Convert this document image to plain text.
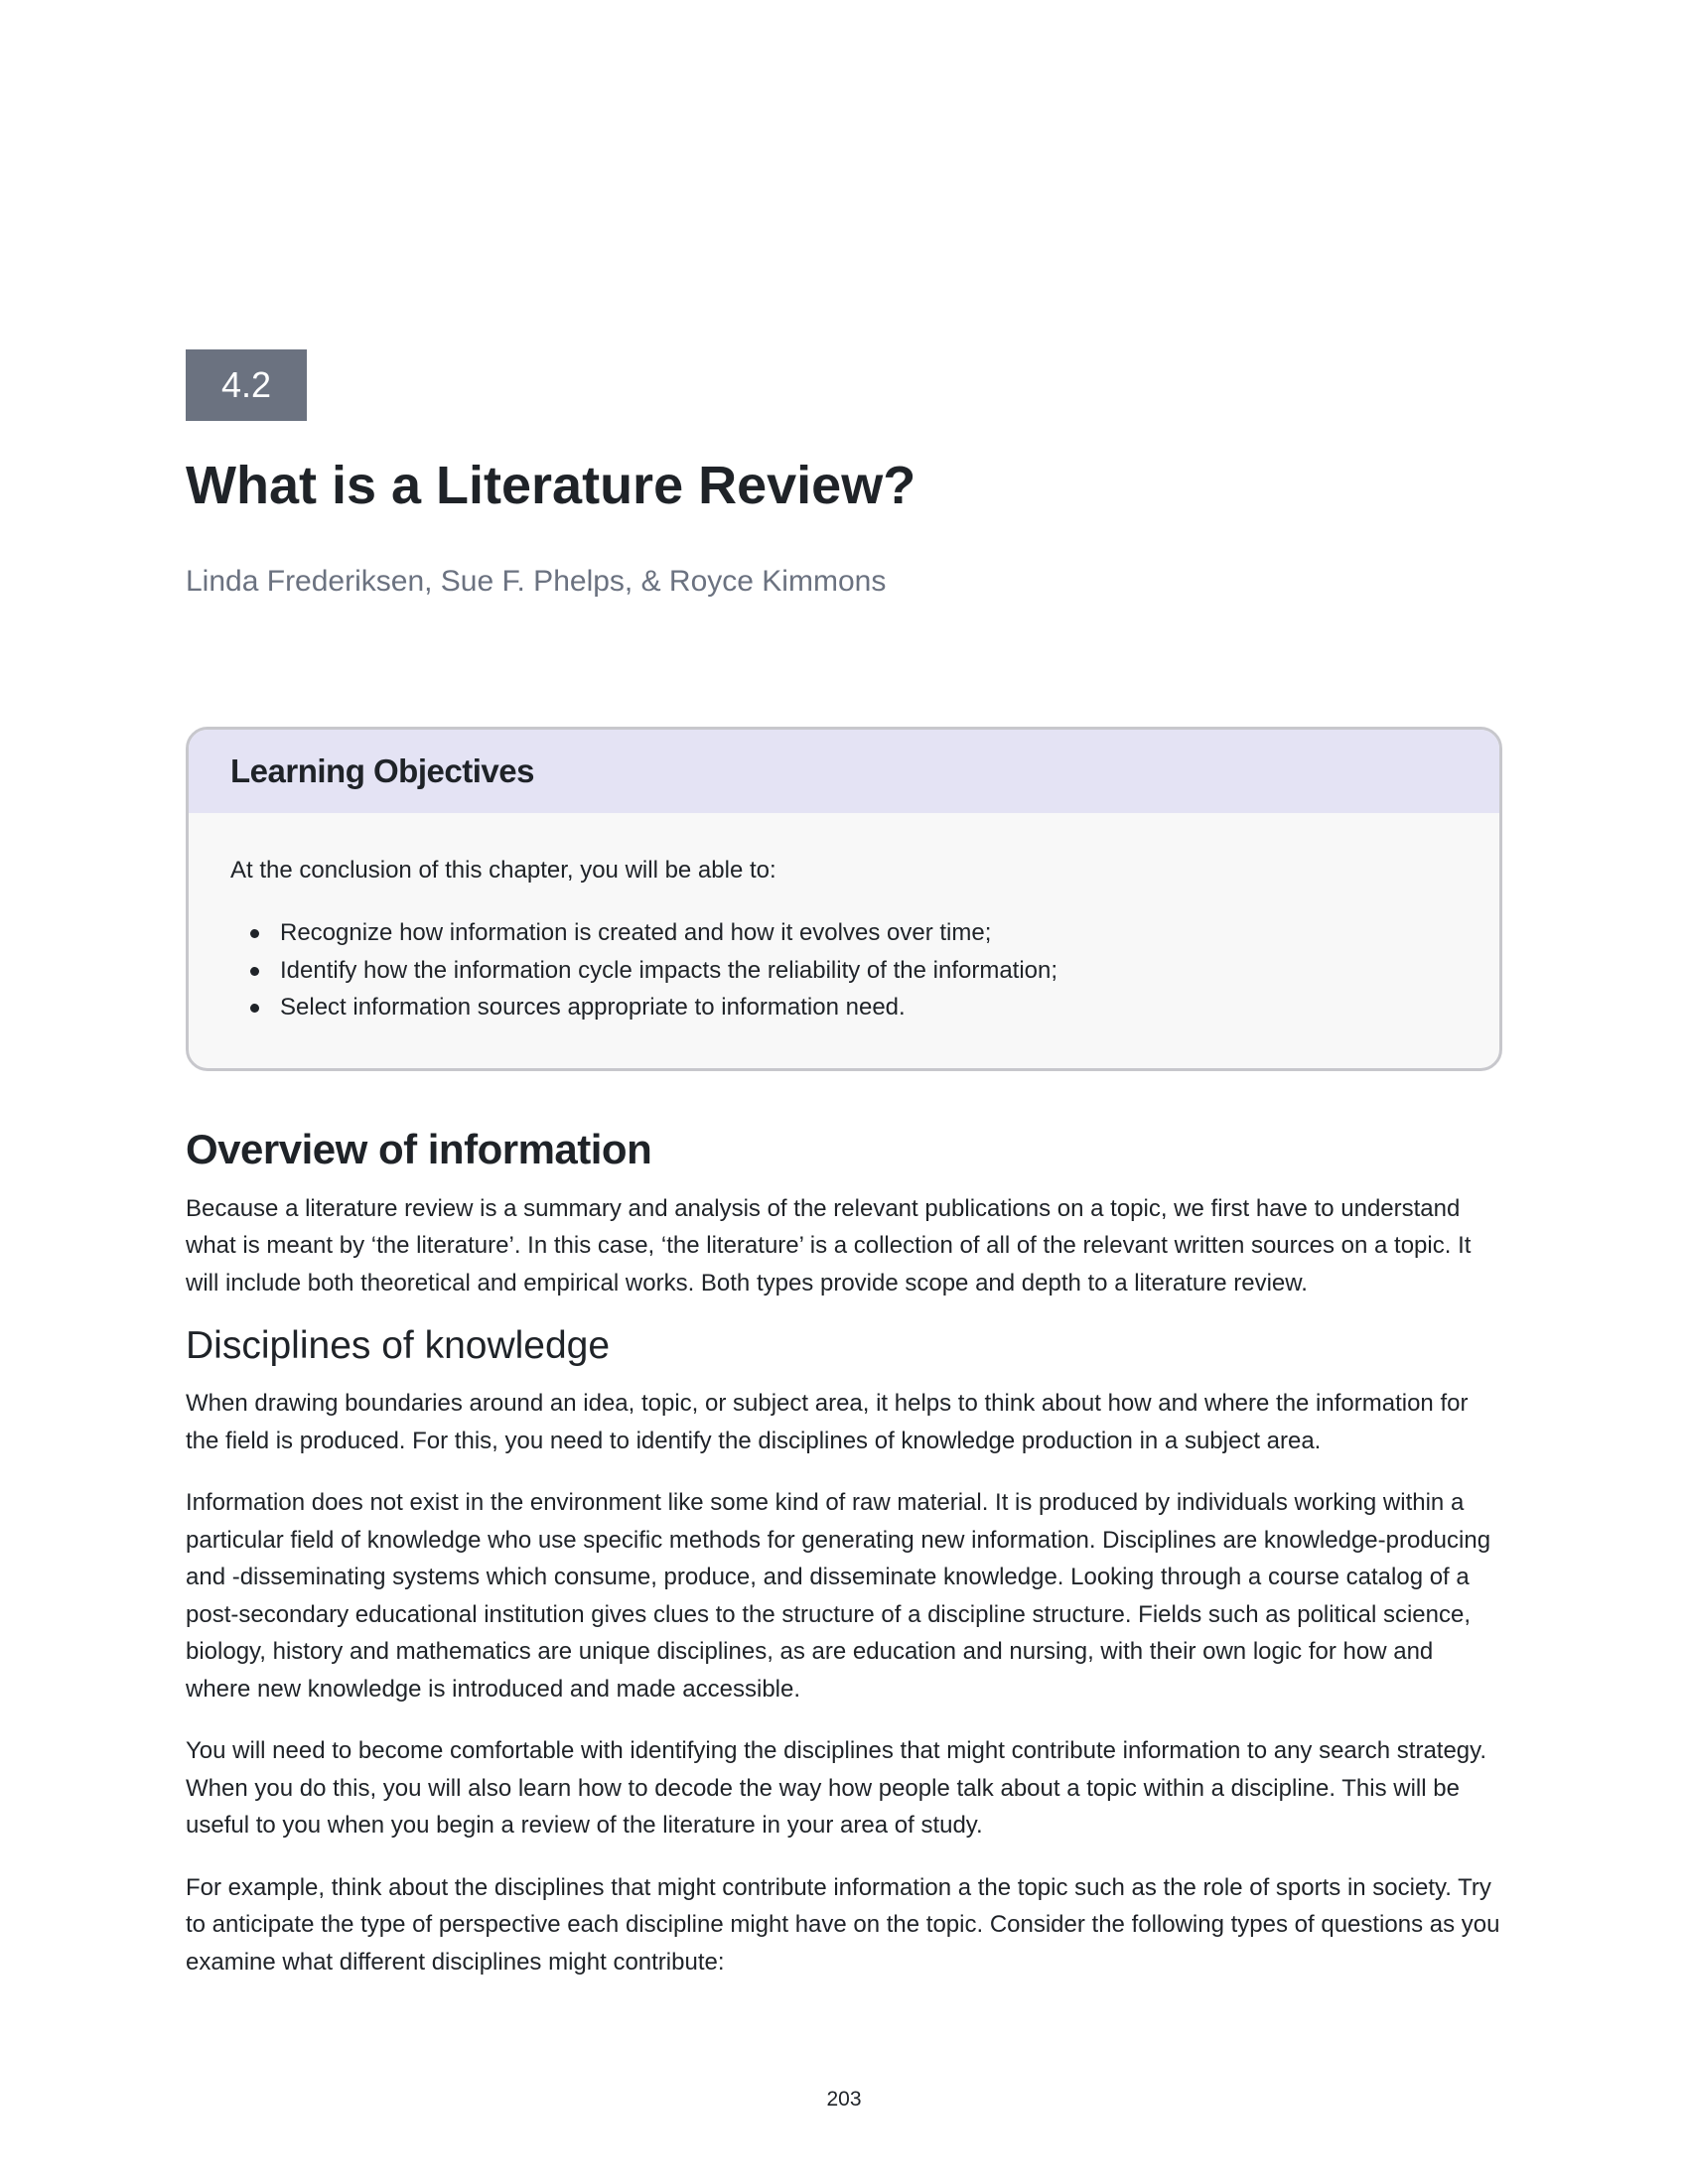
4.2
What is a Literature Review?

Linda Frederiksen, Sue F. Phelps, & Royce Kimmons

Learning Objectives

At the conclusion of this chapter, you will be able to:

Recognize how information is created and how it evolves over time;
Identify how the information cycle impacts the reliability of the information;
Select information sources appropriate to information need.
Overview of information

Because a literature review is a summary and analysis of the relevant publications on a topic, we first have to understand what is meant by ‘the literature’. In this case, ‘the literature’ is a collection of all of the relevant written sources on a topic. It will include both theoretical and empirical works. Both types provide scope and depth to a literature review.

Disciplines of knowledge

When drawing boundaries around an idea, topic, or subject area, it helps to think about how and where the information for the field is produced. For this, you need to identify the disciplines of knowledge production in a subject area.

Information does not exist in the environment like some kind of raw material. It is produced by individuals working within a particular field of knowledge who use specific methods for generating new information. Disciplines are knowledge-producing and -disseminating systems which consume, produce, and disseminate knowledge. Looking through a course catalog of a post-secondary educational institution gives clues to the structure of a discipline structure. Fields such as political science, biology, history and mathematics are unique disciplines, as are education and nursing, with their own logic for how and where new knowledge is introduced and made accessible.

You will need to become comfortable with identifying the disciplines that might contribute information to any search strategy. When you do this, you will also learn how to decode the way how people talk about a topic within a discipline. This will be useful to you when you begin a review of the literature in your area of study.

For example, think about the disciplines that might contribute information a the topic such as the role of sports in society. Try to anticipate the type of perspective each discipline might have on the topic. Consider the following types of questions as you examine what different disciplines might contribute:

203
